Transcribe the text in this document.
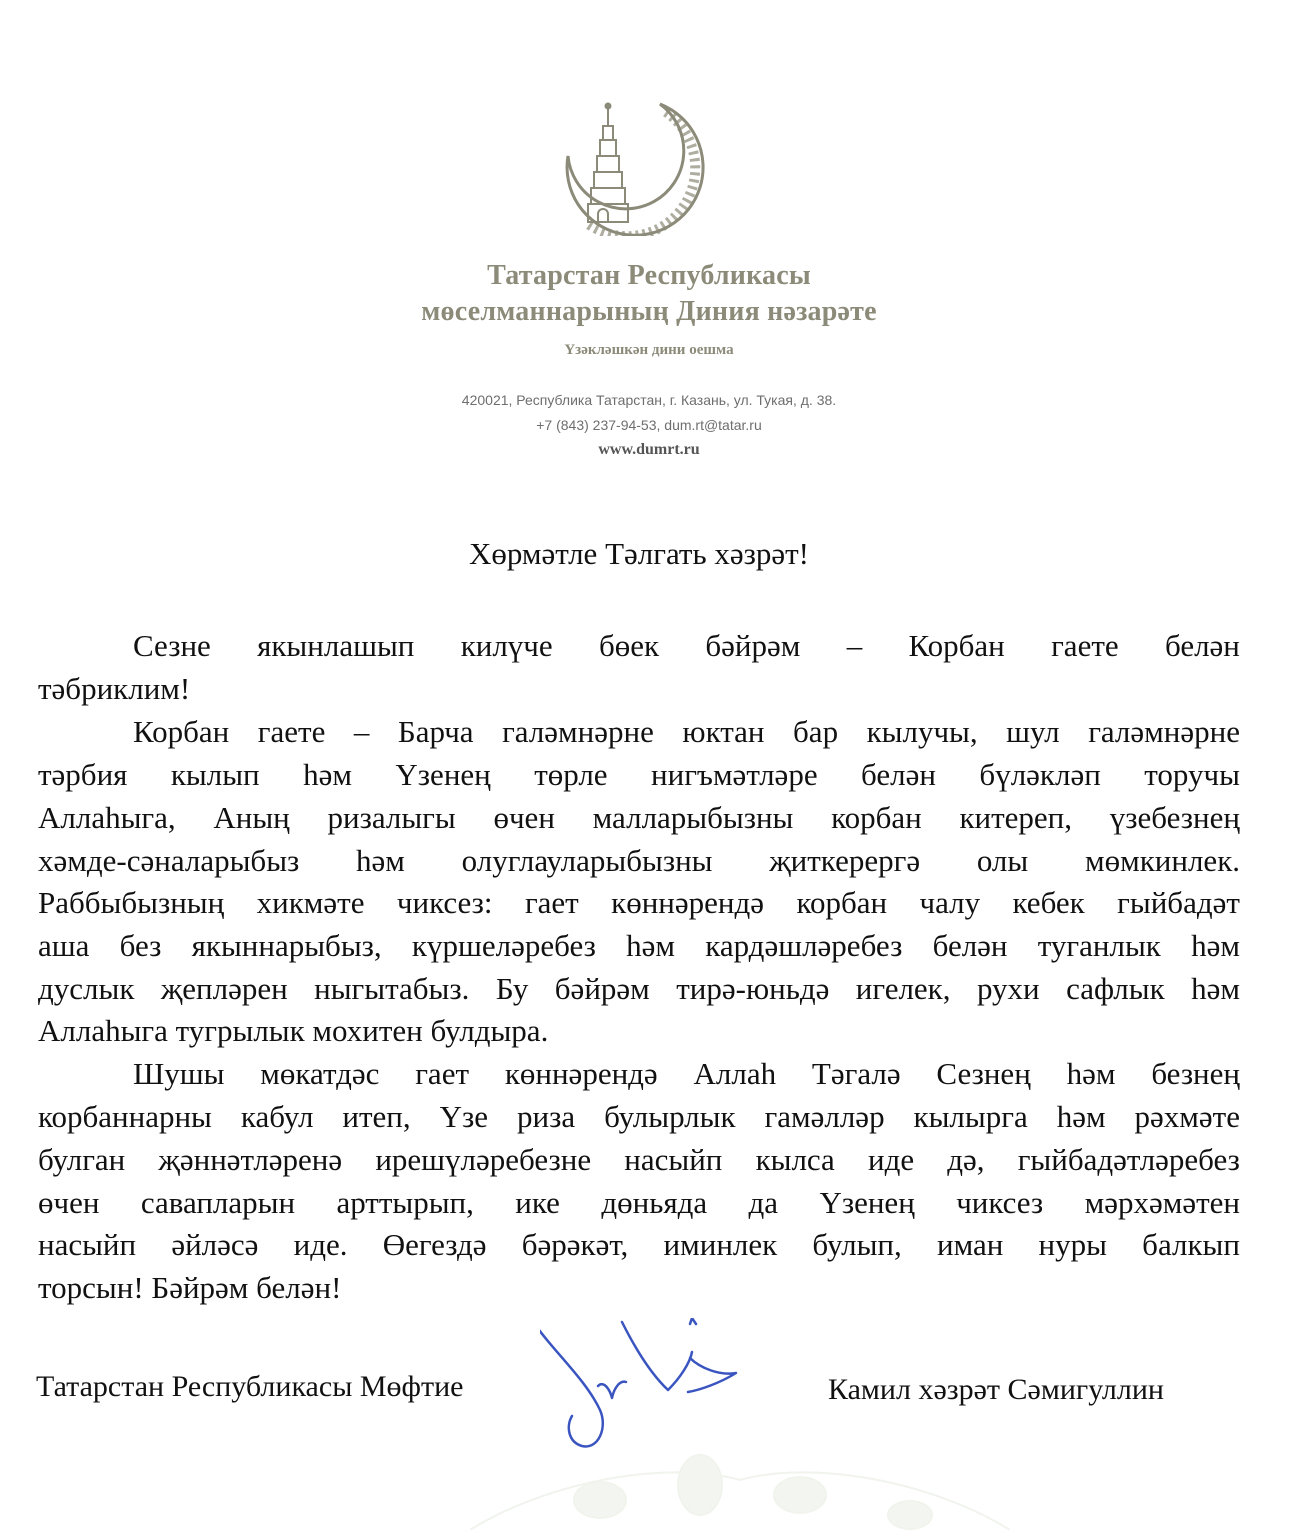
Татарстан Республикасы
мөселманнарының Диния нәзарәте
Үзәкләшкән дини оешма
420021, Республика Татарстан, г. Казань, ул. Тукая, д. 38.
+7 (843) 237-94-53, dum.rt@tatar.ru
www.dumrt.ru
Хөрмәтле Тәлгать хәзрәт!
Сезне якынлашып килүче бөек бәйрәм – Корбан гаете белән
тәбриклим!
Корбан гаете – Барча галәмнәрне юктан бар кылучы, шул галәмнәрне
тәрбия кылып һәм Үзенең төрле нигъмәтләре белән бүләкләп торучы
Аллаһыга, Аның ризалыгы өчен малларыбызны корбан китереп, үзебезнең
хәмде-сәналарыбыз һәм олуглауларыбызны җиткерергә олы мөмкинлек.
Раббыбызның хикмәте чиксез: гает көннәрендә корбан чалу кебек гыйбадәт
аша без якыннарыбыз, күршеләребез һәм кардәшләребез белән туганлык һәм
дуслык җепләрен ныгытабыз. Бу бәйрәм тирә-юньдә игелек, рухи сафлык һәм
Аллаһыга тугрылык мохитен булдыра.
Шушы мөкатдәс гает көннәрендә Аллаһ Тәгалә Сезнең һәм безнең
корбаннарны кабул итеп, Үзе риза булырлык гамәлләр кылырга һәм рәхмәте
булган җәннәтләренә ирешүләребезне насыйп кылса иде дә, гыйбадәтләребез
өчен савапларын арттырып, ике дөньяда да Үзенең чиксез мәрхәмәтен
насыйп әйләсә иде. Өегездә бәрәкәт, иминлек булып, иман нуры балкып
торсын! Бәйрәм белән!
Татарстан Республикасы Мөфтие	Камил хәзрәт Сәмигуллин
